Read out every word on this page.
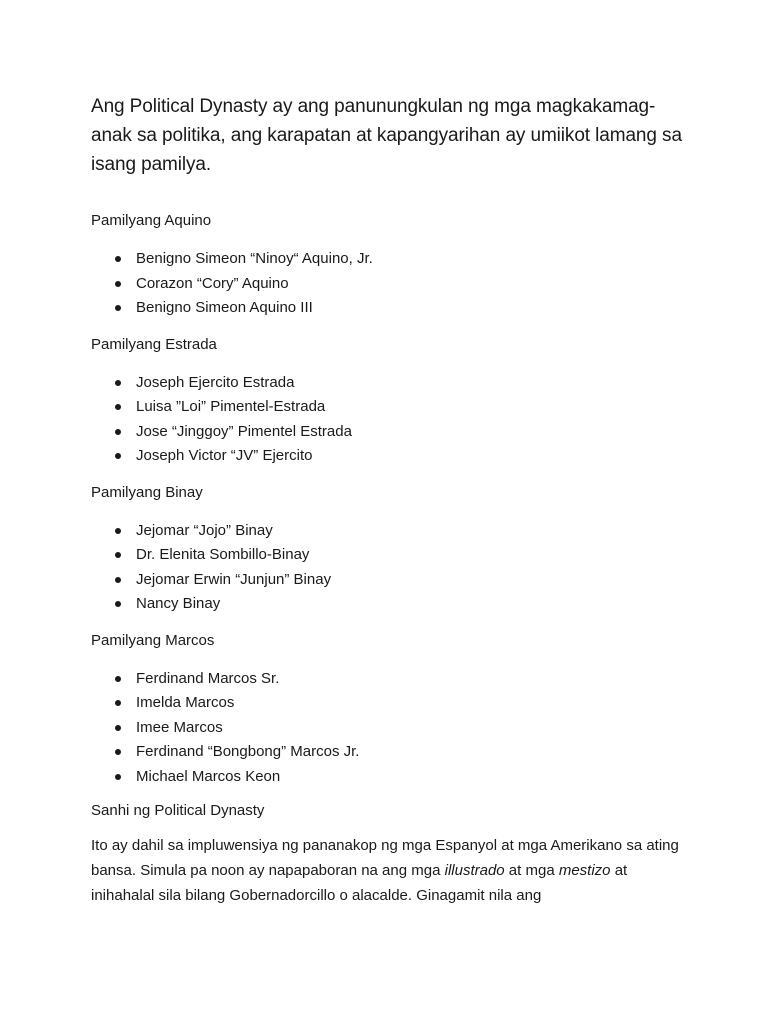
Ang Political Dynasty ay ang panunungkulan ng mga magkakamag-anak sa politika, ang karapatan at kapangyarihan ay umiikot lamang sa isang pamilya.

Pamilyang Aquino
Benigno Simeon “Ninoy“ Aquino, Jr.
Corazon “Cory” Aquino
Benigno Simeon Aquino III
Pamilyang Estrada
Joseph Ejercito Estrada
Luisa ”Loi” Pimentel-Estrada
Jose “Jinggoy” Pimentel Estrada
Joseph Victor “JV” Ejercito
Pamilyang Binay
Jejomar “Jojo” Binay
Dr. Elenita Sombillo-Binay
Jejomar Erwin “Junjun” Binay
Nancy Binay
Pamilyang Marcos
Ferdinand Marcos Sr.
Imelda Marcos
Imee Marcos
Ferdinand “Bongbong” Marcos Jr.
Michael Marcos Keon
Sanhi ng Political Dynasty

Ito ay dahil sa impluwensiya ng pananakop ng mga Espanyol at mga Amerikano sa ating bansa. Simula pa noon ay napapaboran na ang mga illustrado at mga mestizo at inihahalal sila bilang Gobernadorcillo o alacalde. Ginagamit nila ang
